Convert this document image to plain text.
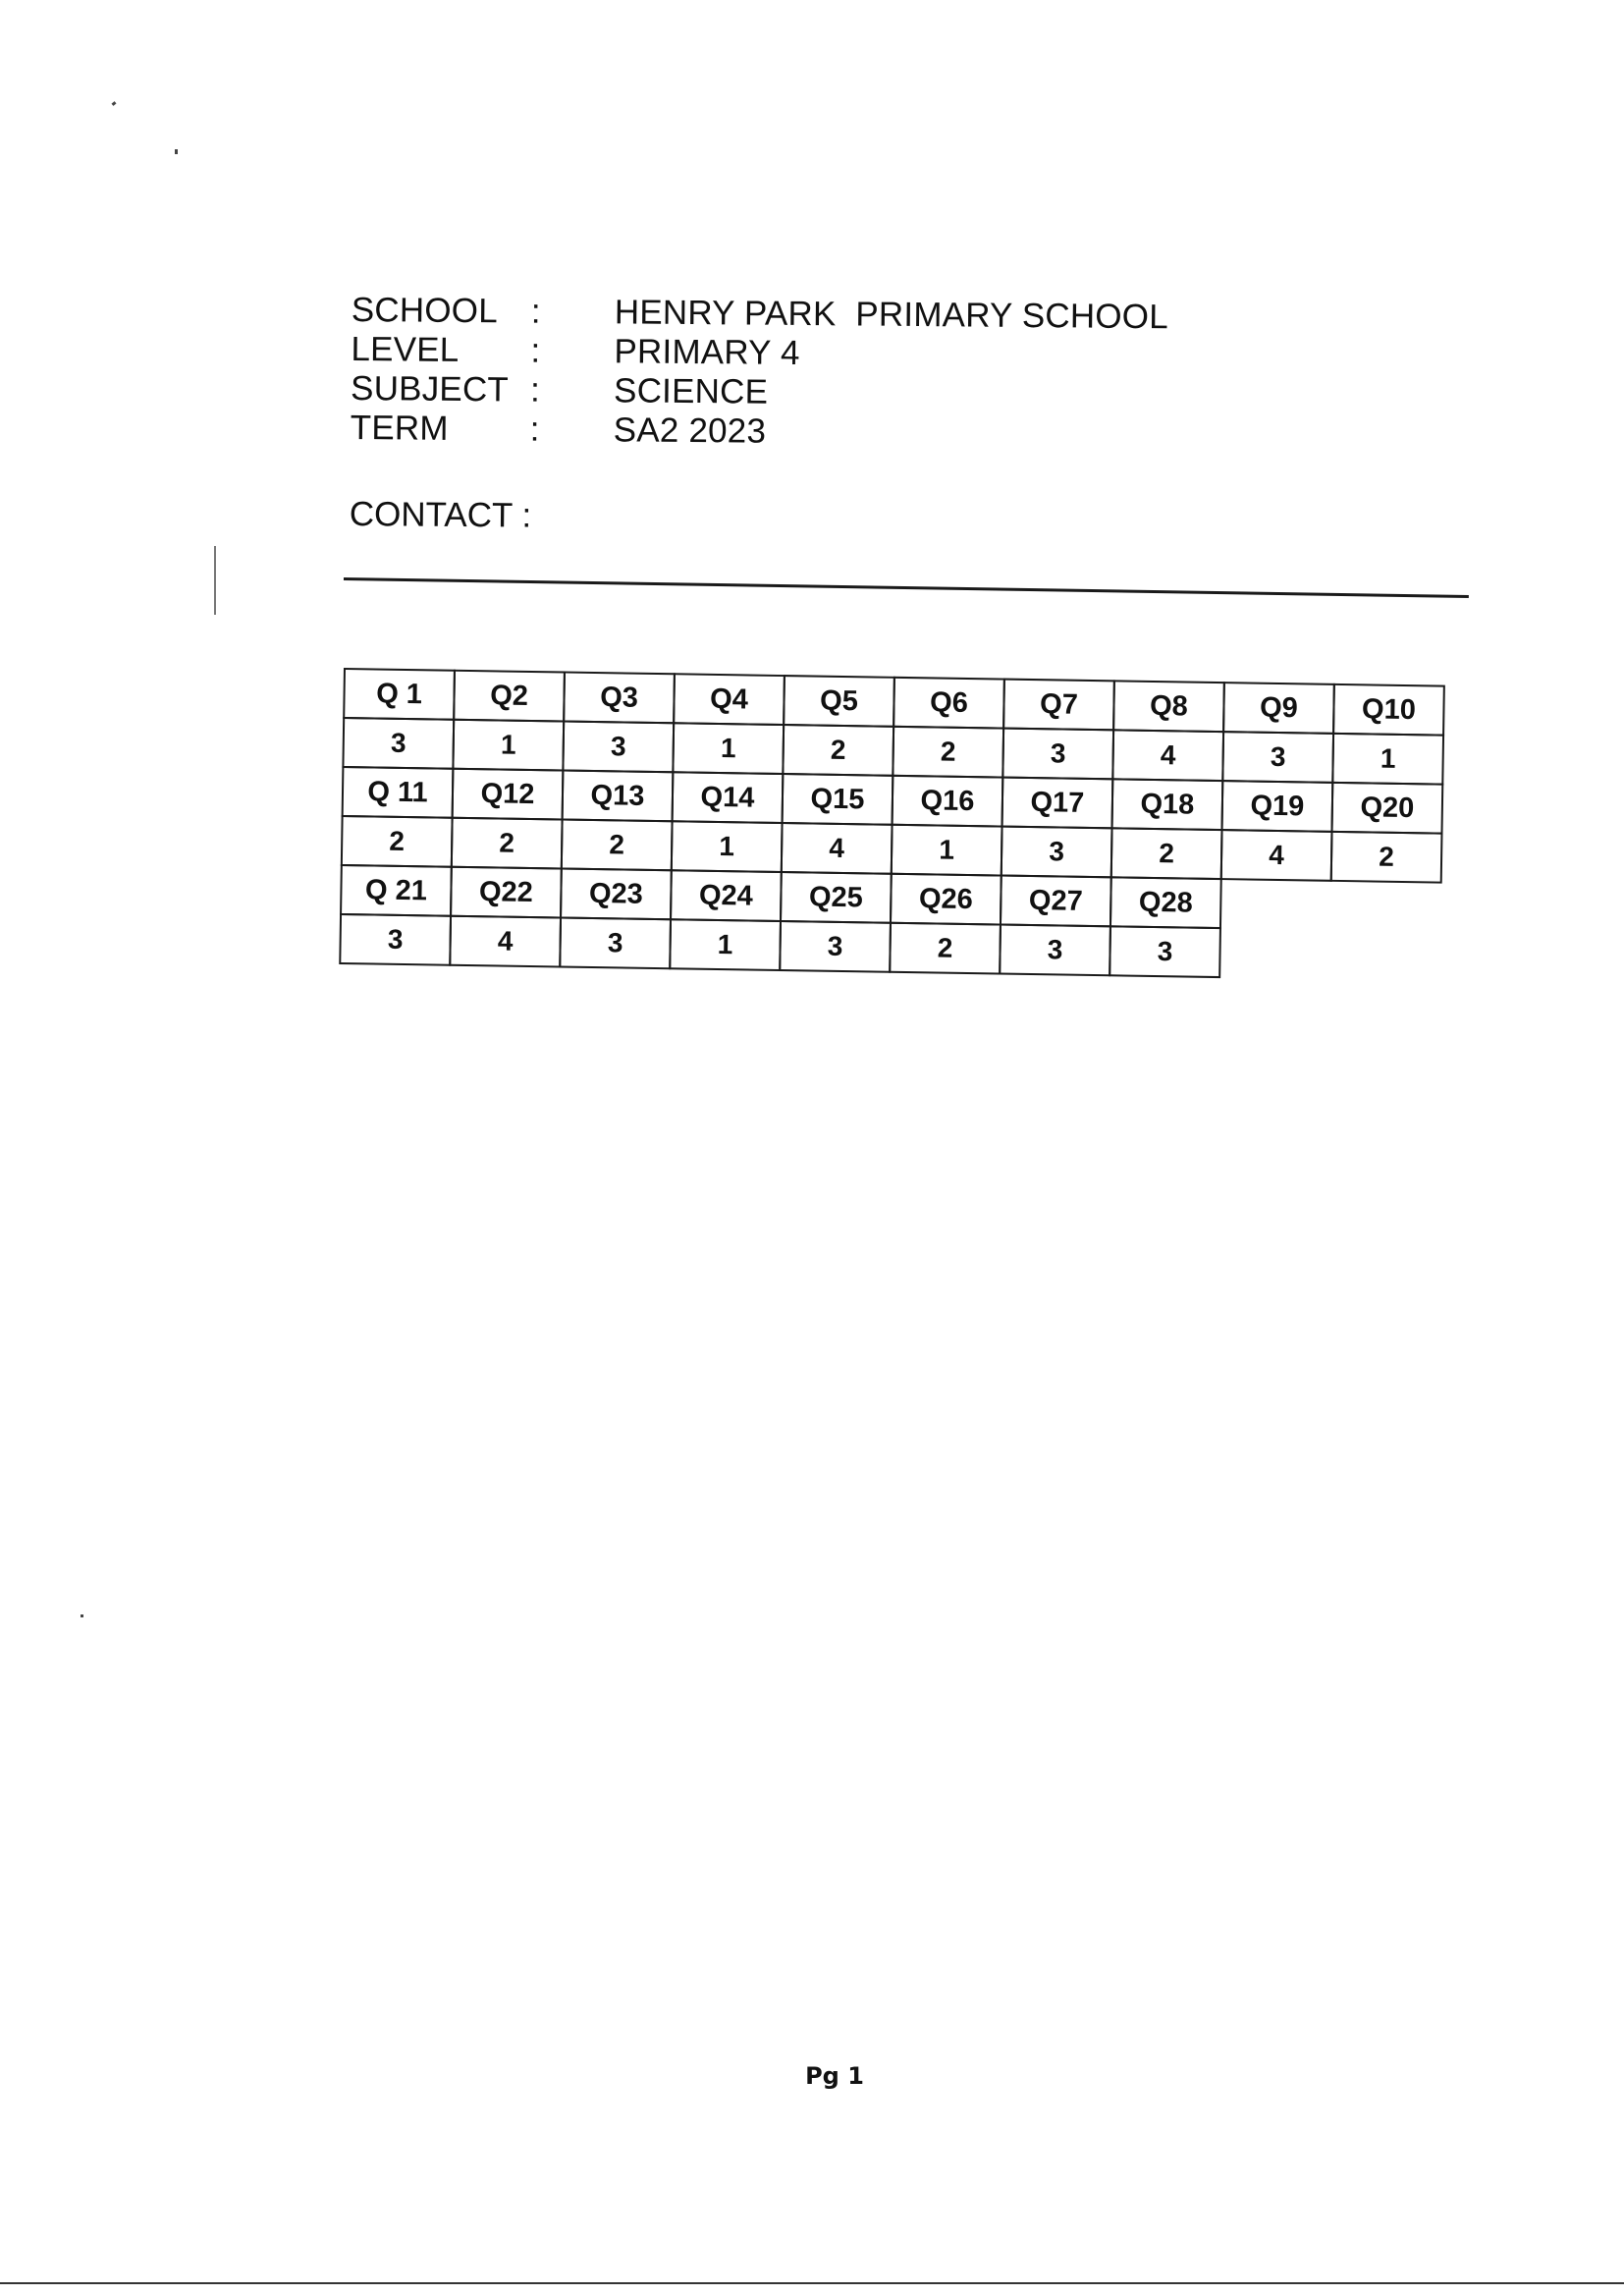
SCHOOL : HENRY PARK  PRIMARY SCHOOL
LEVEL	: PRIMARY 4
SUBJECT : SCIENCE
TERM	: SA2 2023
CONTACT :
Q 1	Q2	Q3	Q4	Q5	Q6	Q7	Q8	Q9	Q10
3	1	3	1	2	2	3	4	3	1
Q 11	Q12	Q13	Q14	Q15	Q16	Q17	Q18	Q19	Q20
2	2	2	1	4	1	3	2	4	2
Q 21	Q22	Q23	Q24	Q25	Q26	Q27	Q28
3	4	3	1	3	2	3	3
Pg 1
